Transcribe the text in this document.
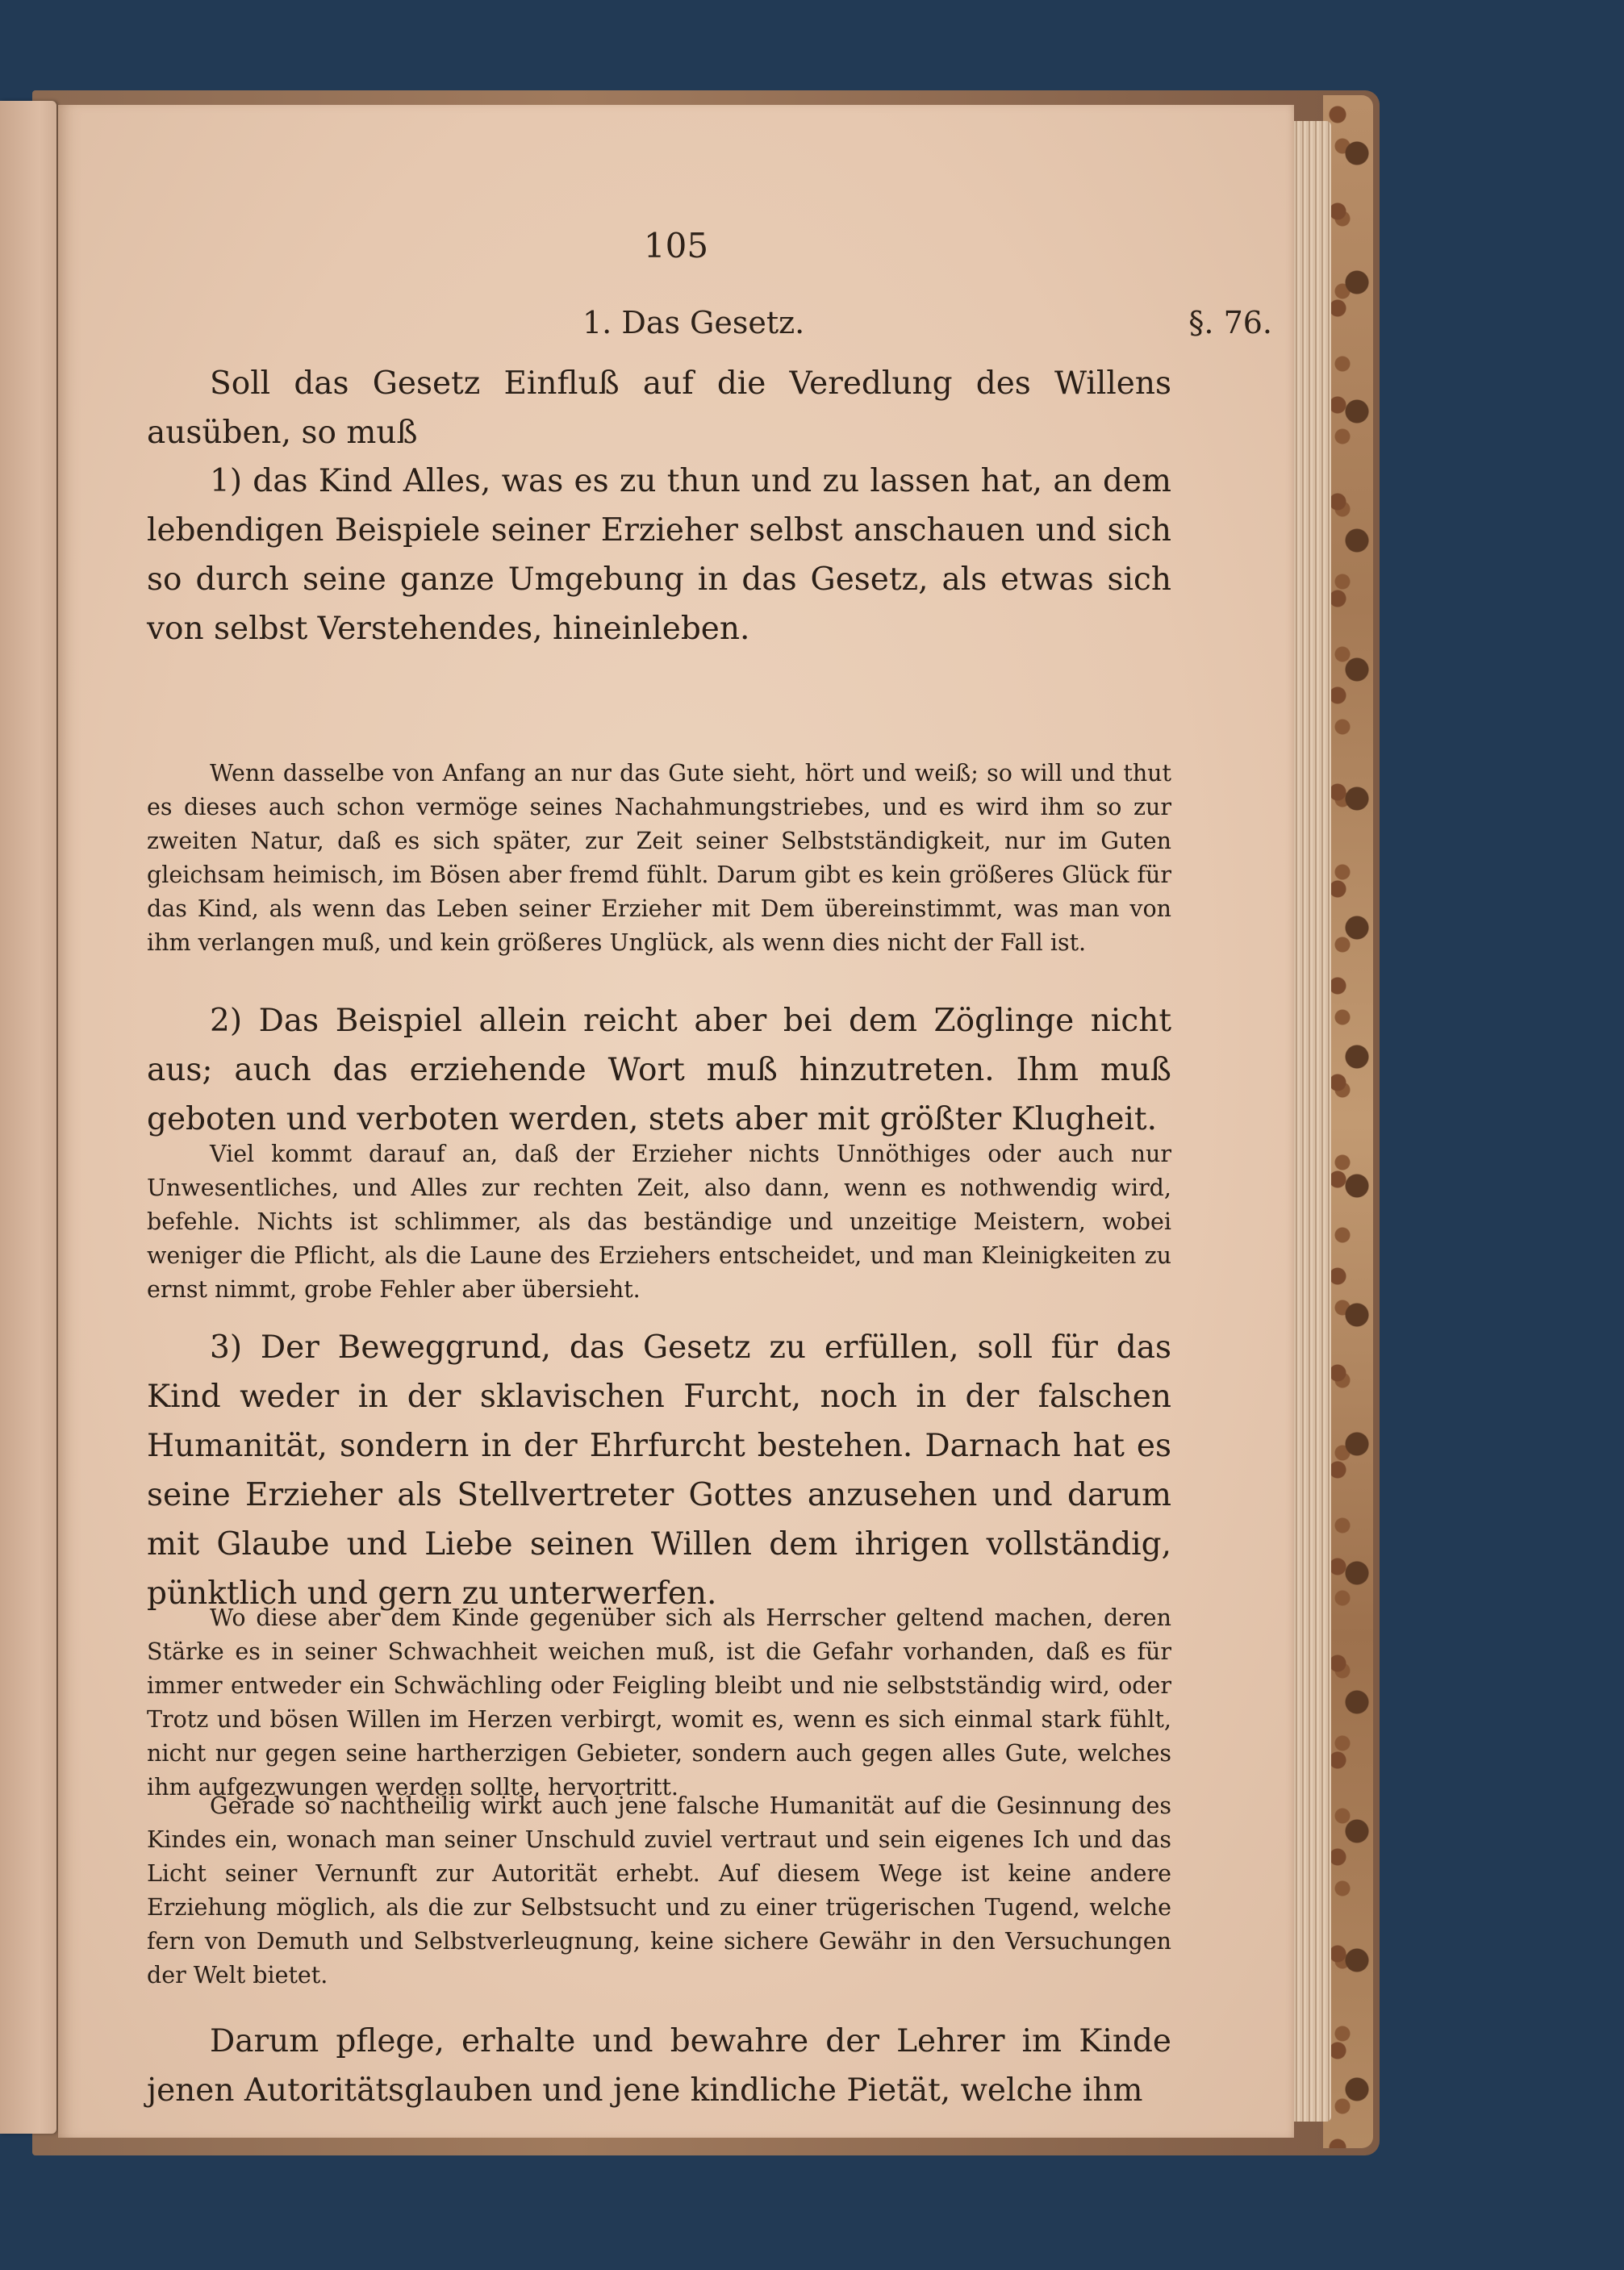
105
1. Das Gesetz.	§. 76.

Soll das Gesetz Einfluß auf die Veredlung des Willens ausüben, so muß

1) das Kind Alles, was es zu thun und zu lassen hat, an dem lebendigen Beispiele seiner Erzieher selbst anschauen und sich so durch seine ganze Umgebung in das Gesetz, als etwas sich von selbst Verstehendes, hineinleben.

Wenn dasselbe von Anfang an nur das Gute sieht, hört und weiß; so will und thut es dieses auch schon vermöge seines Nachahmungstriebes, und es wird ihm so zur zweiten Natur, daß es sich später, zur Zeit seiner Selbstständigkeit, nur im Guten gleichsam heimisch, im Bösen aber fremd fühlt. Darum gibt es kein größeres Glück für das Kind, als wenn das Leben seiner Erzieher mit Dem übereinstimmt, was man von ihm verlangen muß, und kein größeres Unglück, als wenn dies nicht der Fall ist.

2) Das Beispiel allein reicht aber bei dem Zöglinge nicht aus; auch das erziehende Wort muß hinzutreten. Ihm muß geboten und verboten werden, stets aber mit größter Klugheit.

Viel kommt darauf an, daß der Erzieher nichts Unnöthiges oder auch nur Unwesentliches, und Alles zur rechten Zeit, also dann, wenn es nothwendig wird, befehle. Nichts ist schlimmer, als das beständige und unzeitige Meistern, wobei weniger die Pflicht, als die Laune des Erziehers entscheidet, und man Kleinigkeiten zu ernst nimmt, grobe Fehler aber übersieht.

3) Der Beweggrund, das Gesetz zu erfüllen, soll für das Kind weder in der sklavischen Furcht, noch in der falschen Humanität, sondern in der Ehrfurcht bestehen. Darnach hat es seine Erzieher als Stellvertreter Gottes anzusehen und darum mit Glaube und Liebe seinen Willen dem ihrigen vollständig, pünktlich und gern zu unterwerfen.

Wo diese aber dem Kinde gegenüber sich als Herrscher geltend machen, deren Stärke es in seiner Schwachheit weichen muß, ist die Gefahr vorhanden, daß es für immer entweder ein Schwächling oder Feigling bleibt und nie selbstständig wird, oder Trotz und bösen Willen im Herzen verbirgt, womit es, wenn es sich einmal stark fühlt, nicht nur gegen seine hartherzigen Gebieter, sondern auch gegen alles Gute, welches ihm aufgezwungen werden sollte, hervortritt.

Gerade so nachtheilig wirkt auch jene falsche Humanität auf die Gesinnung des Kindes ein, wonach man seiner Unschuld zuviel vertraut und sein eigenes Ich und das Licht seiner Vernunft zur Autorität erhebt. Auf diesem Wege ist keine andere Erziehung möglich, als die zur Selbstsucht und zu einer trügerischen Tugend, welche fern von Demuth und Selbstverleugnung, keine sichere Gewähr in den Versuchungen der Welt bietet.

Darum pflege, erhalte und bewahre der Lehrer im Kinde jenen Autoritätsglauben und jene kindliche Pietät, welche ihm
